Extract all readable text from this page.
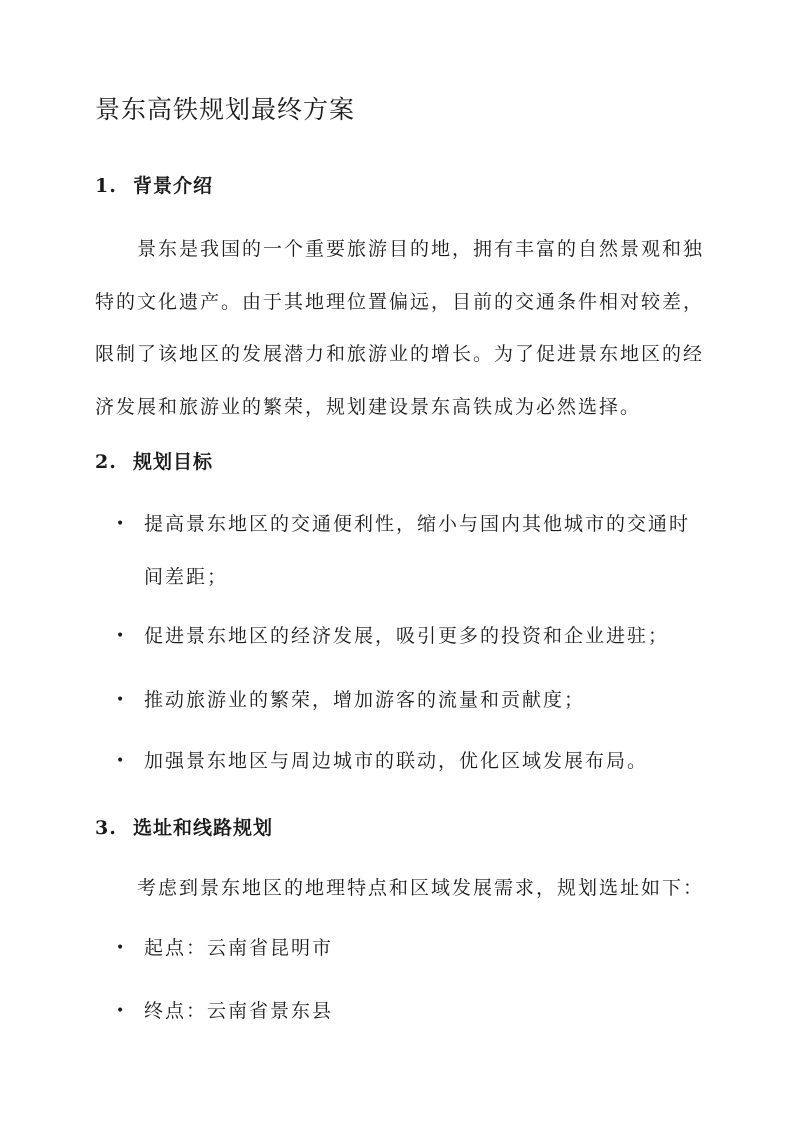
景东高铁规划最终方案
1. 背景介绍

景东是我国的一个重要旅游目的地，拥有丰富的自然景观和独特的文化遗产。由于其地理位置偏远，目前的交通条件相对较差，限制了该地区的发展潜力和旅游业的增长。为了促进景东地区的经济发展和旅游业的繁荣，规划建设景东高铁成为必然选择。

2. 规划目标
• 提高景东地区的交通便利性，缩小与国内其他城市的交通时间差距；
• 促进景东地区的经济发展，吸引更多的投资和企业进驻；
• 推动旅游业的繁荣，增加游客的流量和贡献度；
• 加强景东地区与周边城市的联动，优化区域发展布局。
3. 选址和线路规划
考虑到景东地区的地理特点和区域发展需求，规划选址如下：
• 起点：云南省昆明市
• 终点：云南省景东县
